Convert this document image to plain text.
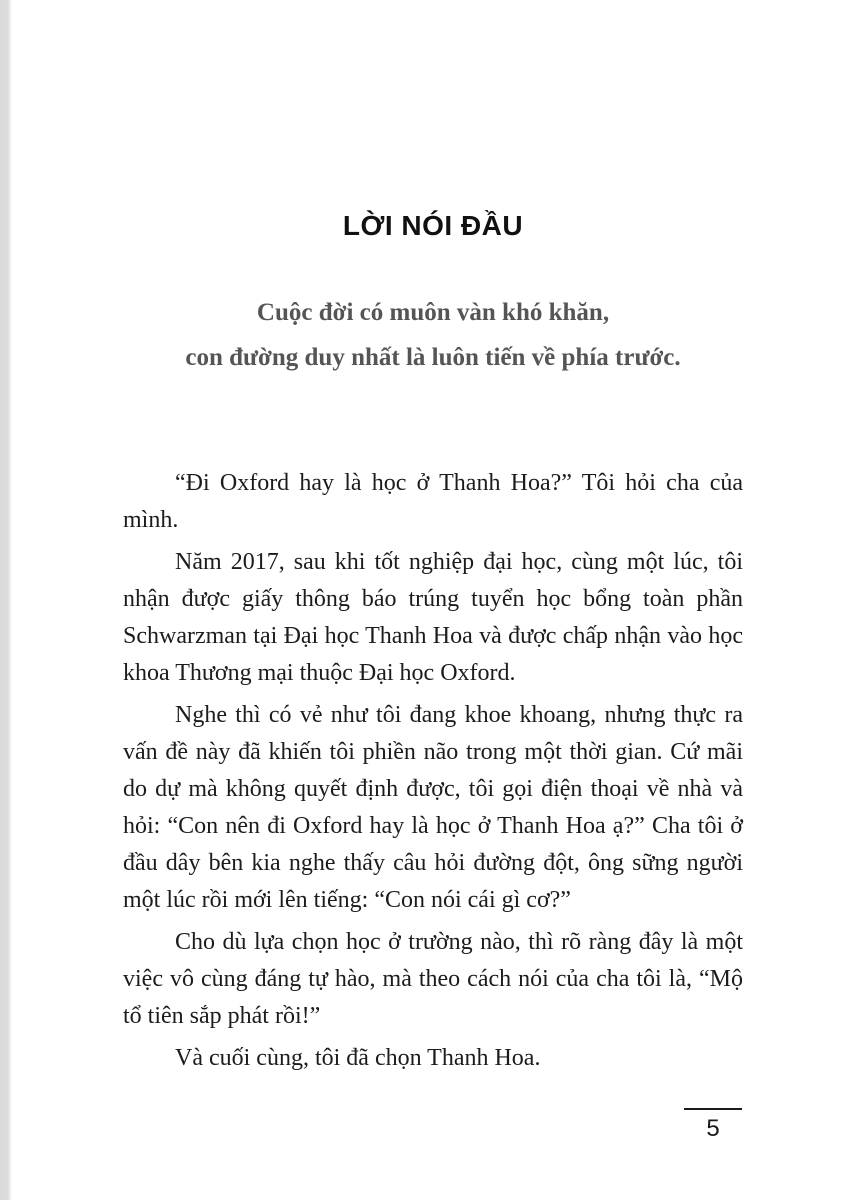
LỜI NÓI ĐẦU
Cuộc đời có muôn vàn khó khăn,
con đường duy nhất là luôn tiến về phía trước.

“Đi Oxford hay là học ở Thanh Hoa?” Tôi hỏi cha của mình.

Năm 2017, sau khi tốt nghiệp đại học, cùng một lúc, tôi nhận được giấy thông báo trúng tuyển học bổng toàn phần Schwarzman tại Đại học Thanh Hoa và được chấp nhận vào học khoa Thương mại thuộc Đại học Oxford.

Nghe thì có vẻ như tôi đang khoe khoang, nhưng thực ra vấn đề này đã khiến tôi phiền não trong một thời gian. Cứ mãi do dự mà không quyết định được, tôi gọi điện thoại về nhà và hỏi: “Con nên đi Oxford hay là học ở Thanh Hoa ạ?” Cha tôi ở đầu dây bên kia nghe thấy câu hỏi đường đột, ông sững người một lúc rồi mới lên tiếng: “Con nói cái gì cơ?”

Cho dù lựa chọn học ở trường nào, thì rõ ràng đây là một việc vô cùng đáng tự hào, mà theo cách nói của cha tôi là, “Mộ tổ tiên sắp phát rồi!”

Và cuối cùng, tôi đã chọn Thanh Hoa.

5
